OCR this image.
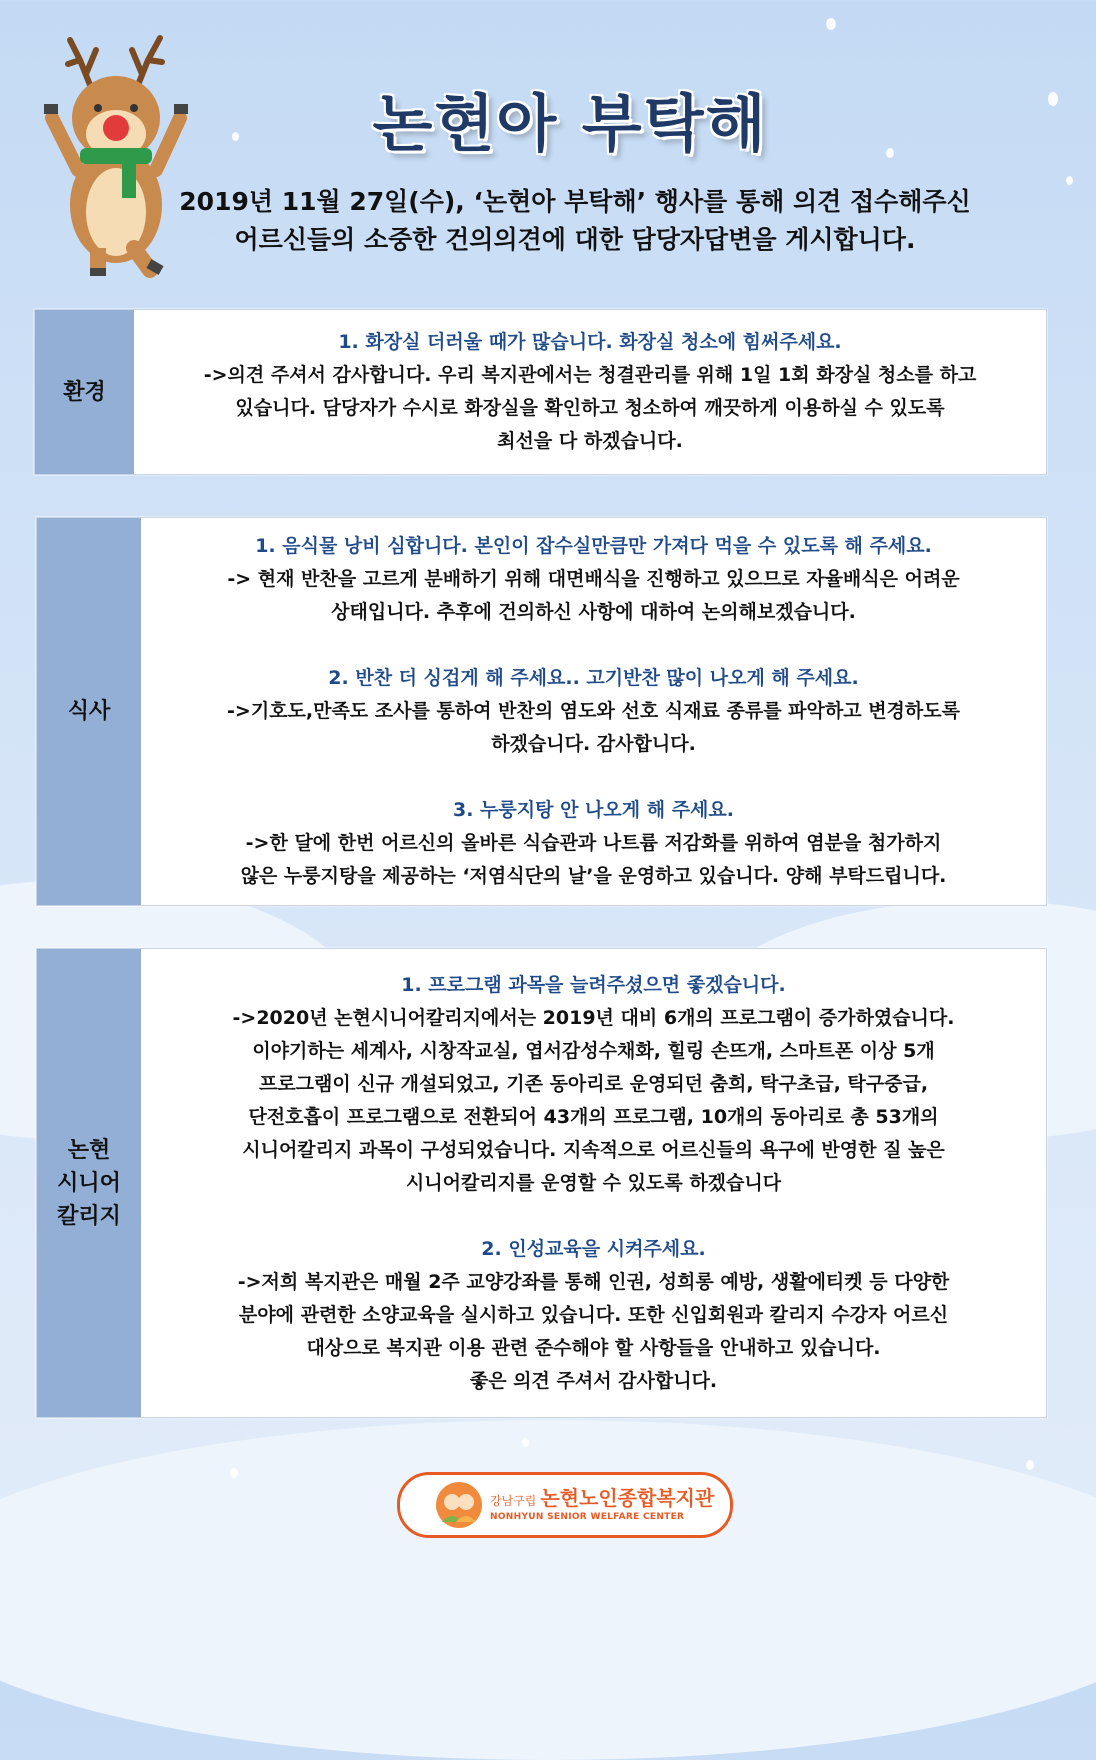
논현아 부탁해
2019년 11월 27일(수), ‘논현아 부탁해’ 행사를 통해 의견 접수해주신
어르신들의 소중한 건의의견에 대한 담당자답변을 게시합니다.
환경
1. 화장실 더러울 때가 많습니다. 화장실 청소에 힘써주세요.
->의견 주셔서 감사합니다. 우리 복지관에서는 청결관리를 위해 1일 1회 화장실 청소를 하고
있습니다. 담당자가 수시로 화장실을 확인하고 청소하여 깨끗하게 이용하실 수 있도록
최선을 다 하겠습니다.
식사
1. 음식물 낭비 심합니다. 본인이 잡수실만큼만 가져다 먹을 수 있도록 해 주세요.
-> 현재 반찬을 고르게 분배하기 위해 대면배식을 진행하고 있으므로 자율배식은 어려운
상태입니다. 추후에 건의하신 사항에 대하여 논의해보겠습니다.
2. 반찬 더 싱겁게 해 주세요.. 고기반찬 많이 나오게 해 주세요.
->기호도,만족도 조사를 통하여 반찬의 염도와 선호 식재료 종류를 파악하고 변경하도록
하겠습니다. 감사합니다.
3. 누룽지탕 안 나오게 해 주세요.
->한 달에 한번 어르신의 올바른 식습관과 나트륨 저감화를 위하여 염분을 첨가하지
않은 누룽지탕을 제공하는 ‘저염식단의 날’을 운영하고 있습니다. 양해 부탁드립니다.
논현
시니어
칼리지
1. 프로그램 과목을 늘려주셨으면 좋겠습니다.
->2020년 논현시니어칼리지에서는 2019년 대비 6개의 프로그램이 증가하였습니다.
이야기하는 세계사, 시창작교실, 엽서감성수채화, 힐링 손뜨개, 스마트폰 이상 5개
프로그램이 신규 개설되었고, 기존 동아리로 운영되던 춤희, 탁구초급, 탁구중급,
단전호흡이 프로그램으로 전환되어 43개의 프로그램, 10개의 동아리로 총 53개의
시니어칼리지 과목이 구성되었습니다. 지속적으로 어르신들의 욕구에 반영한 질 높은
시니어칼리지를 운영할 수 있도록 하겠습니다
2. 인성교육을 시켜주세요.
->저희 복지관은 매월 2주 교양강좌를 통해 인권, 성희롱 예방, 생활에티켓 등 다양한
분야에 관련한 소양교육을 실시하고 있습니다. 또한 신입회원과 칼리지 수강자 어르신
대상으로 복지관 이용 관련 준수해야 할 사항들을 안내하고 있습니다.
좋은 의견 주셔서 감사합니다.
강남구립 논현노인종합복지관
NONHYUN SENIOR WELFARE CENTER
